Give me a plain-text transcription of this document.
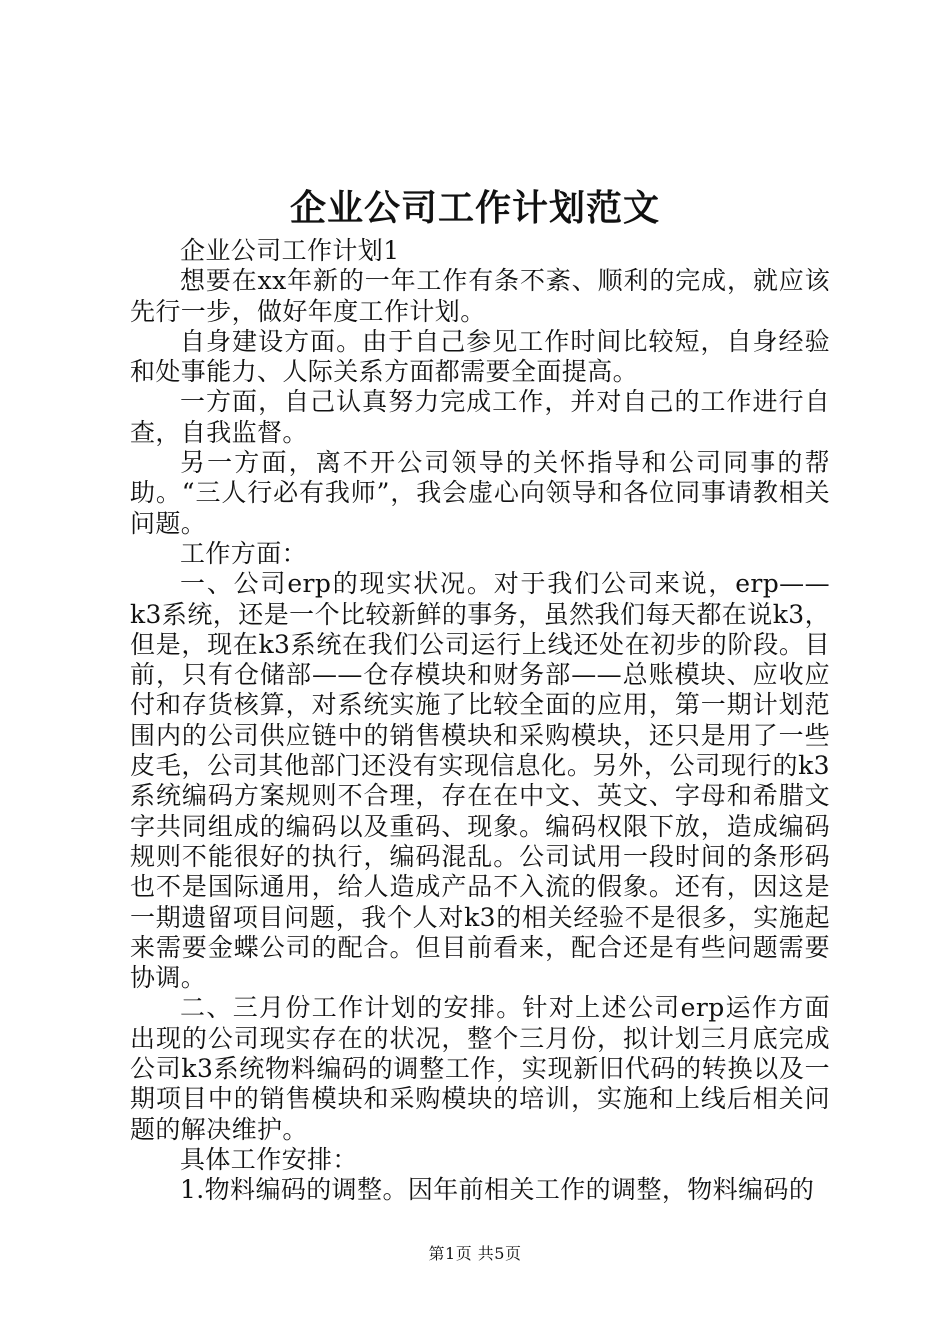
企业公司工作计划范文

企业公司工作计划1

想要在xx年新的一年工作有条不紊、顺利的完成，就应该先行一步，做好年度工作计划。

自身建设方面。由于自己参见工作时间比较短，自身经验和处事能力、人际关系方面都需要全面提高。

一方面，自己认真努力完成工作，并对自己的工作进行自查，自我监督。

另一方面，离不开公司领导的关怀指导和公司同事的帮助。“三人行必有我师”，我会虚心向领导和各位同事请教相关问题。

工作方面：

一、公司erp的现实状况。对于我们公司来说，erp——k3系统，还是一个比较新鲜的事务，虽然我们每天都在说k3，但是，现在k3系统在我们公司运行上线还处在初步的阶段。目前，只有仓储部——仓存模块和财务部——总账模块、应收应付和存货核算，对系统实施了比较全面的应用，第一期计划范围内的公司供应链中的销售模块和采购模块，还只是用了一些皮毛，公司其他部门还没有实现信息化。另外，公司现行的k3系统编码方案规则不合理，存在在中文、英文、字母和希腊文字共同组成的编码以及重码、现象。编码权限下放，造成编码规则不能很好的执行，编码混乱。公司试用一段时间的条形码也不是国际通用，给人造成产品不入流的假象。还有，因这是一期遗留项目问题，我个人对k3的相关经验不是很多，实施起来需要金蝶公司的配合。但目前看来，配合还是有些问题需要协调。

二、三月份工作计划的安排。针对上述公司erp运作方面出现的公司现实存在的状况，整个三月份，拟计划三月底完成公司k3系统物料编码的调整工作，实现新旧代码的转换以及一期项目中的销售模块和采购模块的培训，实施和上线后相关问题的解决维护。

具体工作安排：

1.物料编码的调整。因年前相关工作的调整，物料编码的

第1页 共5页
